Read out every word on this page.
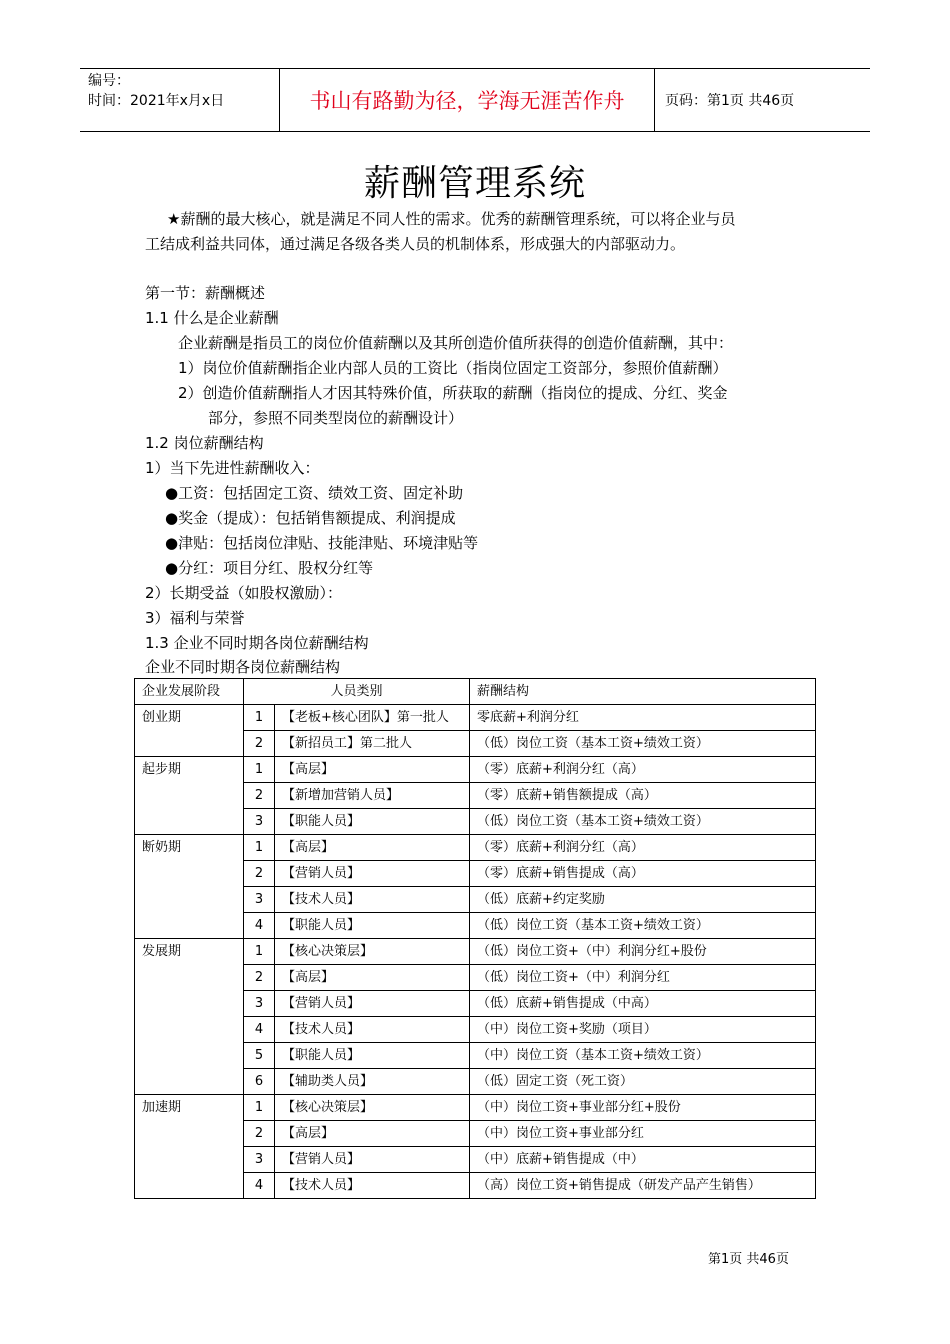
编号：
时间：2021年x月x日	书山有路勤为径，学海无涯苦作舟	页码：第1页 共46页
薪酬管理系统
★薪酬的最大核心，就是满足不同人性的需求。优秀的薪酬管理系统，可以将企业与员
工结成利益共同体，通过满足各级各类人员的机制体系，形成强大的内部驱动力。
第一节：薪酬概述
1.1 什么是企业薪酬
企业薪酬是指员工的岗位价值薪酬以及其所创造价值所获得的创造价值薪酬，其中：
1）岗位价值薪酬指企业内部人员的工资比（指岗位固定工资部分，参照价值薪酬）
2）创造价值薪酬指人才因其特殊价值，所获取的薪酬（指岗位的提成、分红、奖金
部分，参照不同类型岗位的薪酬设计）
1.2 岗位薪酬结构
1）当下先进性薪酬收入：
●工资：包括固定工资、绩效工资、固定补助
●奖金（提成）：包括销售额提成、利润提成
●津贴：包括岗位津贴、技能津贴、环境津贴等
●分红：项目分红、股权分红等
2）长期受益（如股权激励）：
3）福利与荣誉
1.3 企业不同时期各岗位薪酬结构
企业不同时期各岗位薪酬结构
企业发展阶段	人员类别		薪酬结构
创业期	1	【老板+核心团队】第一批人	零底薪+利润分红
	2	【新招员工】第二批人	（低）岗位工资（基本工资+绩效工资）
起步期	1	【高层】	（零）底薪+利润分红（高）
	2	【新增加营销人员】	（零）底薪+销售额提成（高）
	3	【职能人员】	（低）岗位工资（基本工资+绩效工资）
断奶期	1	【高层】	（零）底薪+利润分红（高）
	2	【营销人员】	（零）底薪+销售提成（高）
	3	【技术人员】	（低）底薪+约定奖励
	4	【职能人员】	（低）岗位工资（基本工资+绩效工资）
发展期	1	【核心决策层】	（低）岗位工资+（中）利润分红+股份
	2	【高层】	（低）岗位工资+（中）利润分红
	3	【营销人员】	（低）底薪+销售提成（中高）
	4	【技术人员】	（中）岗位工资+奖励（项目）
	5	【职能人员】	（中）岗位工资（基本工资+绩效工资）
	6	【辅助类人员】	（低）固定工资（死工资）
加速期	1	【核心决策层】	（中）岗位工资+事业部分红+股份
	2	【高层】	（中）岗位工资+事业部分红
	3	【营销人员】	（中）底薪+销售提成（中）
	4	【技术人员】	（高）岗位工资+销售提成（研发产品产生销售）
第1页 共46页
